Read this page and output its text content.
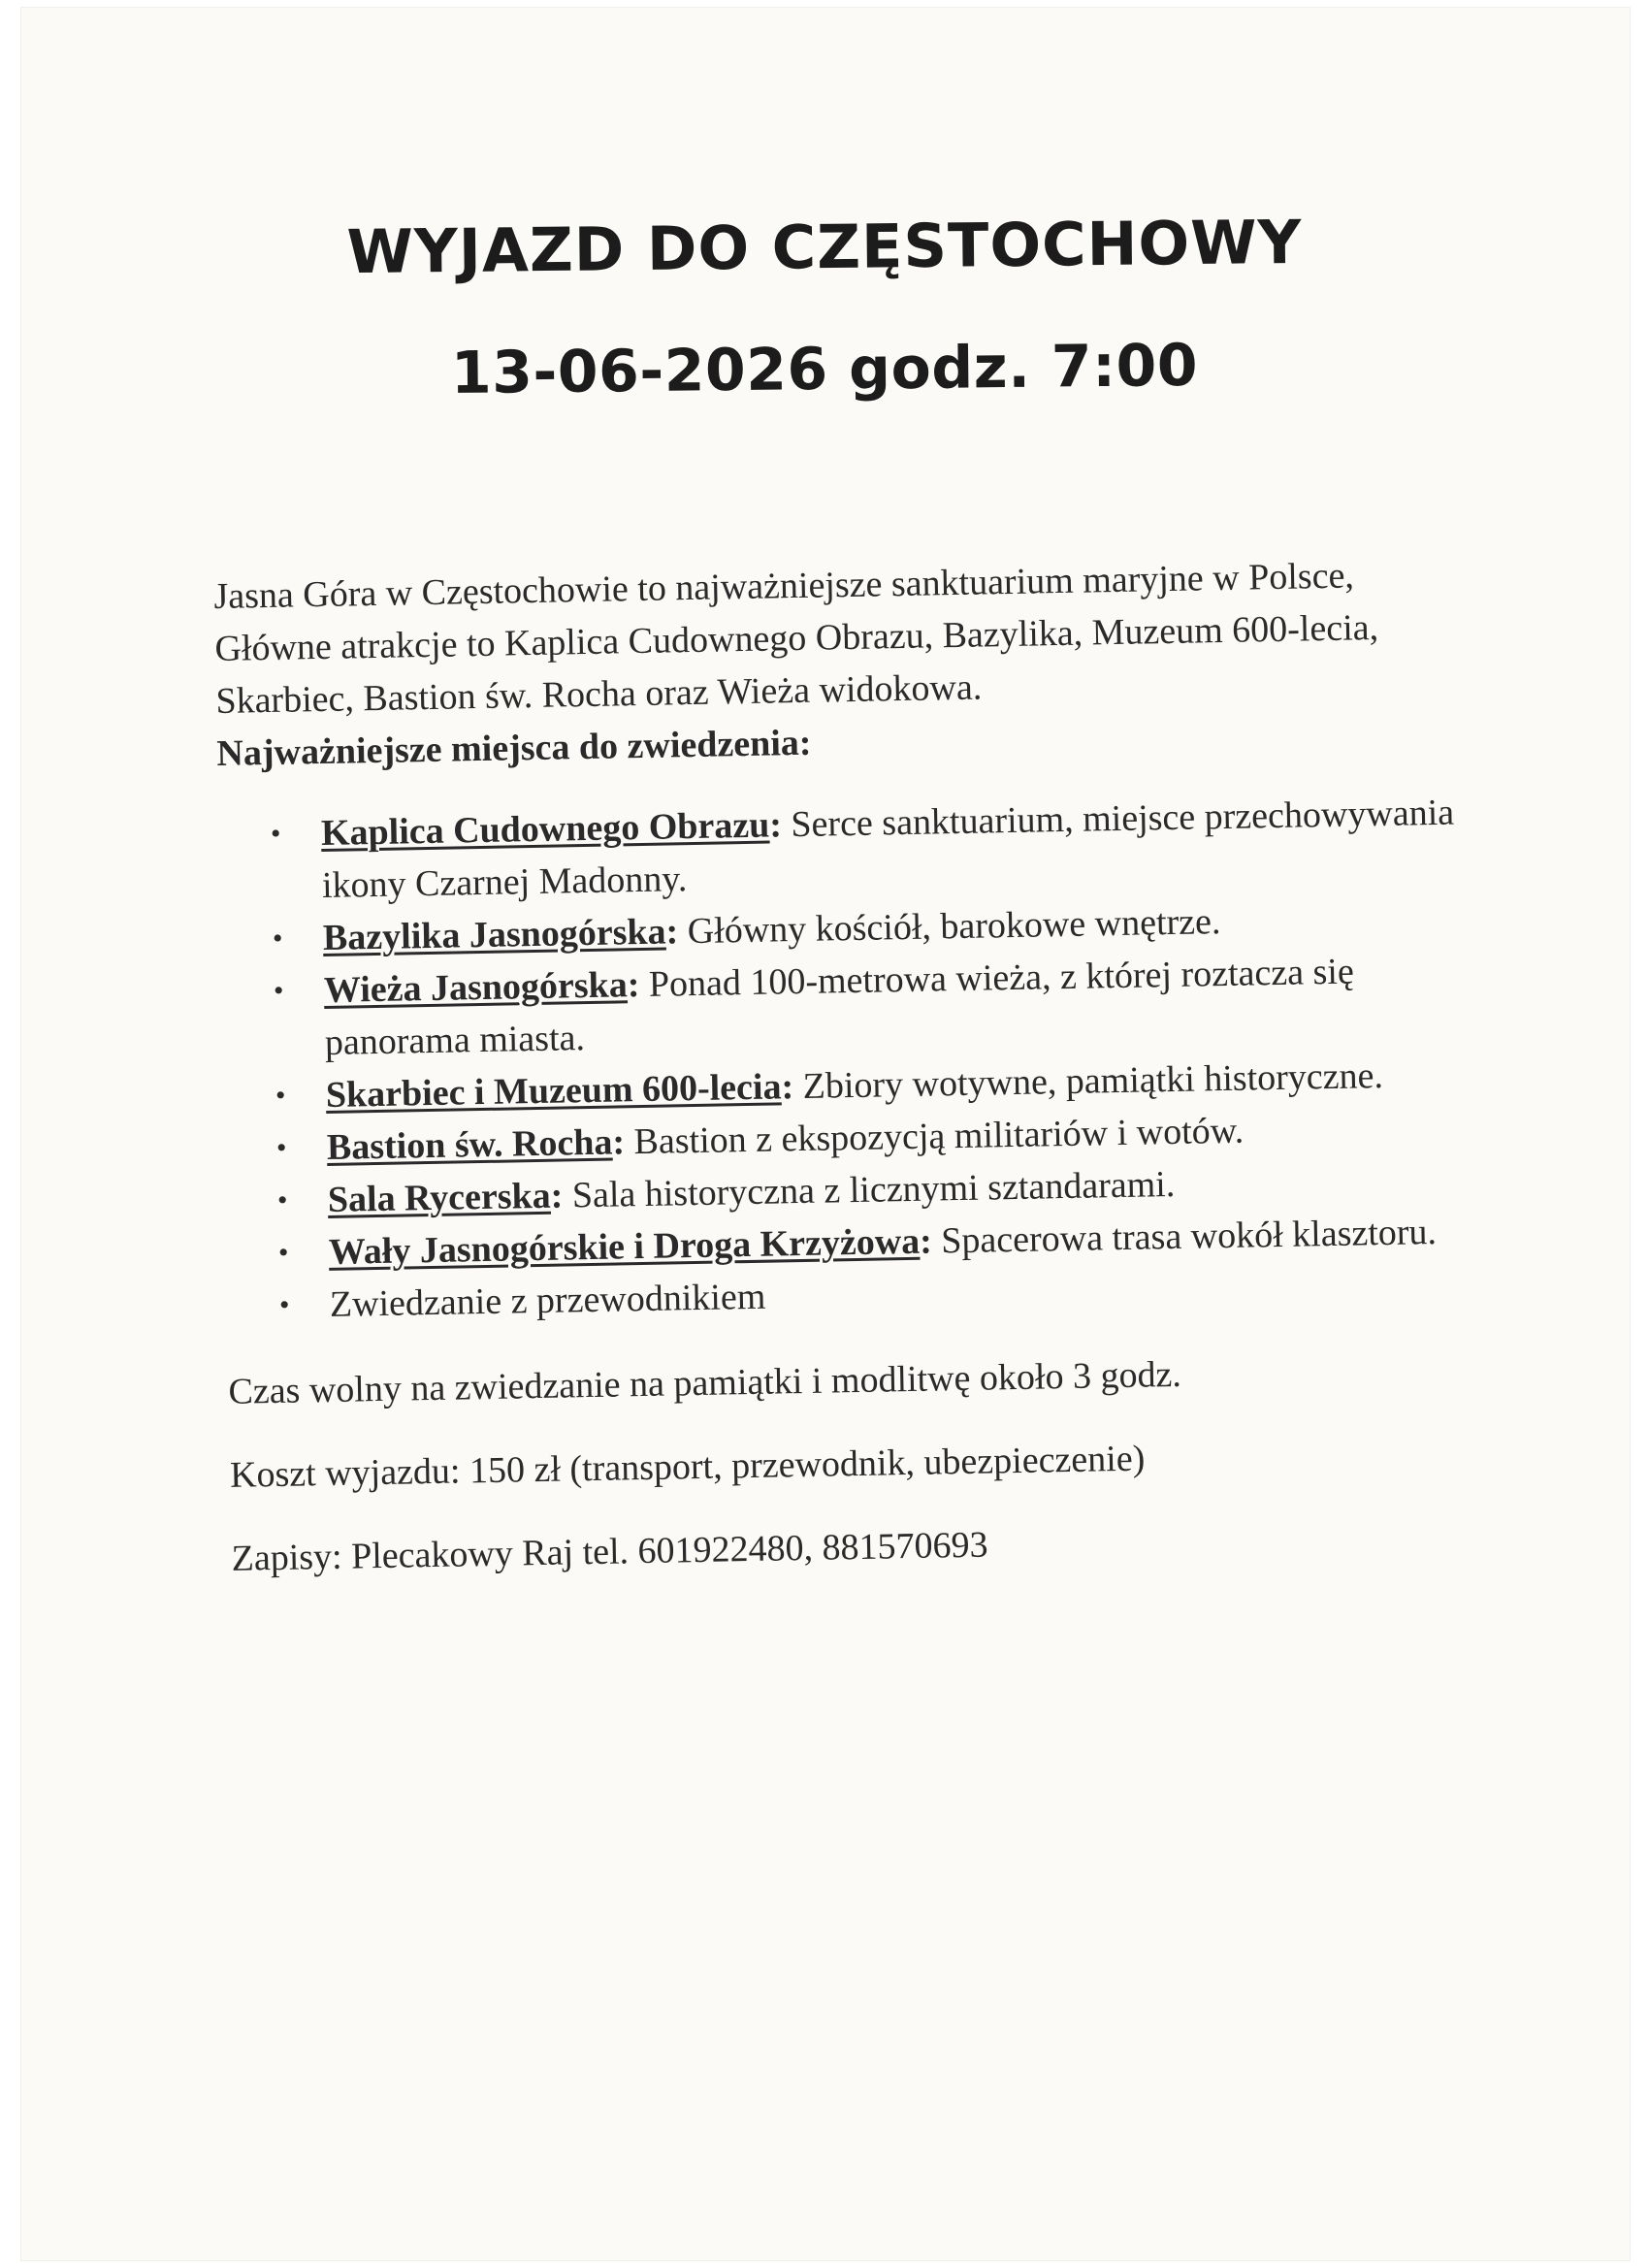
WYJAZD DO CZĘSTOCHOWY
13-06-2026 godz. 7:00

Jasna Góra w Częstochowie to najważniejsze sanktuarium maryjne w Polsce, Główne atrakcje to Kaplica Cudownego Obrazu, Bazylika, Muzeum 600-lecia, Skarbiec, Bastion św. Rocha oraz Wieża widokowa.

Najważniejsze miejsca do zwiedzenia:

• Kaplica Cudownego Obrazu: Serce sanktuarium, miejsce przechowywania ikony Czarnej Madonny.
• Bazylika Jasnogórska: Główny kościół, barokowe wnętrze.
• Wieża Jasnogórska: Ponad 100-metrowa wieża, z której roztacza się panorama miasta.
• Skarbiec i Muzeum 600-lecia: Zbiory wotywne, pamiątki historyczne.
• Bastion św. Rocha: Bastion z ekspozycją militariów i wotów.
• Sala Rycerska: Sala historyczna z licznymi sztandarami.
• Wały Jasnogórskie i Droga Krzyżowa: Spacerowa trasa wokół klasztoru.
• Zwiedzanie z przewodnikiem

Czas wolny na zwiedzanie na pamiątki i modlitwę około 3 godz.

Koszt wyjazdu: 150 zł (transport, przewodnik, ubezpieczenie)

Zapisy: Plecakowy Raj tel. 601922480, 881570693
